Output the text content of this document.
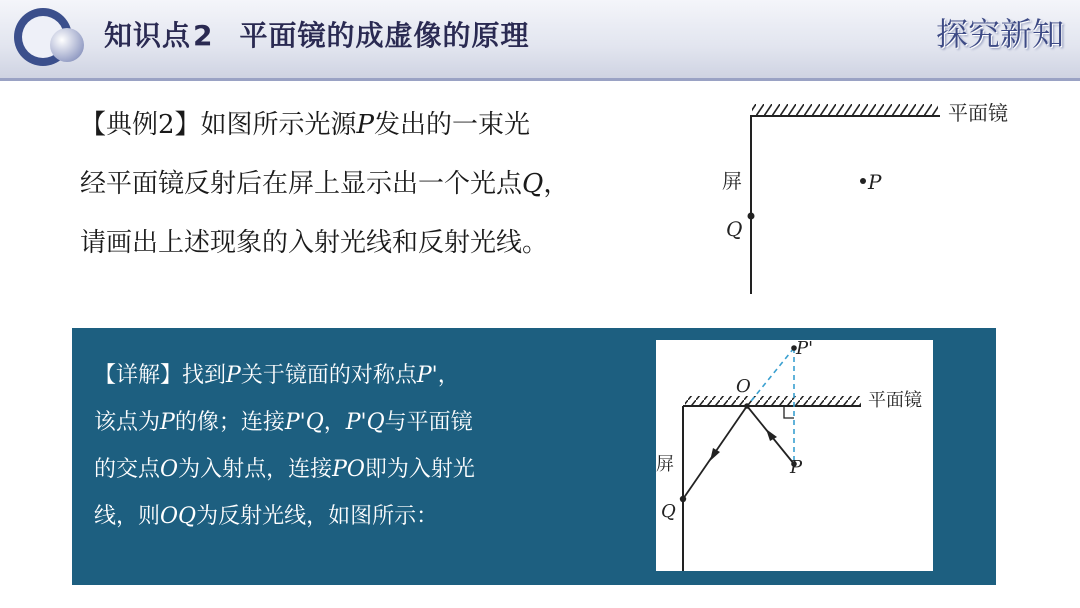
知识点2 平面镜的成虚像的原理	探究新知
【典例2】如图所示光源P发出的一束光
经平面镜反射后在屏上显示出一个光点Q，
请画出上述现象的入射光线和反射光线。
平面镜
屏	P
Q
【详解】找到P关于镜面的对称点P'，
该点为P的像；连接P'Q，P'Q与平面镜
的交点O为入射点，连接PO即为入射光
线，则OQ为反射光线，如图所示：
P'
O
P
Q
屏
平面镜
